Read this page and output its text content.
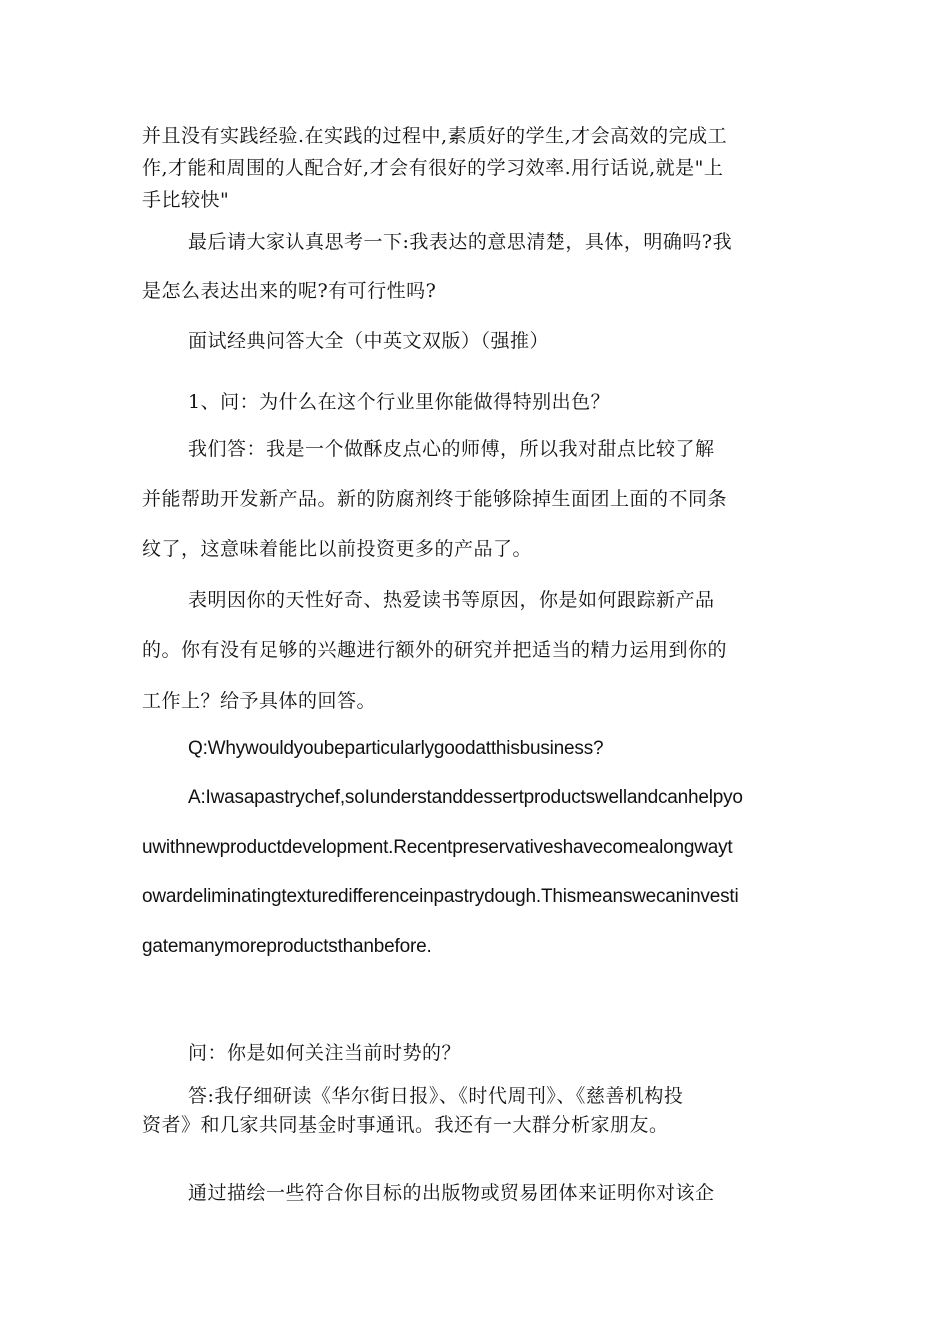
并且没有实践经验.在实践的过程中,素质好的学生,才会高效的完成工
作,才能和周围的人配合好,才会有很好的学习效率.用行话说,就是"上
手比较快"
最后请大家认真思考一下:我表达的意思清楚，具体，明确吗?我
是怎么表达出来的呢?有可行性吗?
面试经典问答大全（中英文双版）（强推）
1、问：为什么在这个行业里你能做得特别出色？
我们答：我是一个做酥皮点心的师傅，所以我对甜点比较了解
并能帮助开发新产品。新的防腐剂终于能够除掉生面团上面的不同条
纹了，这意味着能比以前投资更多的产品了。
表明因你的天性好奇、热爱读书等原因，你是如何跟踪新产品
的。你有没有足够的兴趣进行额外的研究并把适当的精力运用到你的
工作上？给予具体的回答。
Q:Whywouldyoubeparticularlygoodatthisbusiness?
A:Iwasapastrychef,soIunderstanddessertproductswellandcanhelpyo
uwithnewproductdevelopment.Recentpreservativeshavecomealongwayt
owardeliminatingtexturedifferenceinpastrydough.Thismeanswecaninvesti
gatemanymoreproductsthanbefore.
问：你是如何关注当前时势的？
答:我仔细研读《华尔街日报》、《时代周刊》、《慈善机构投
资者》和几家共同基金时事通讯。我还有一大群分析家朋友。
通过描绘一些符合你目标的出版物或贸易团体来证明你对该企
